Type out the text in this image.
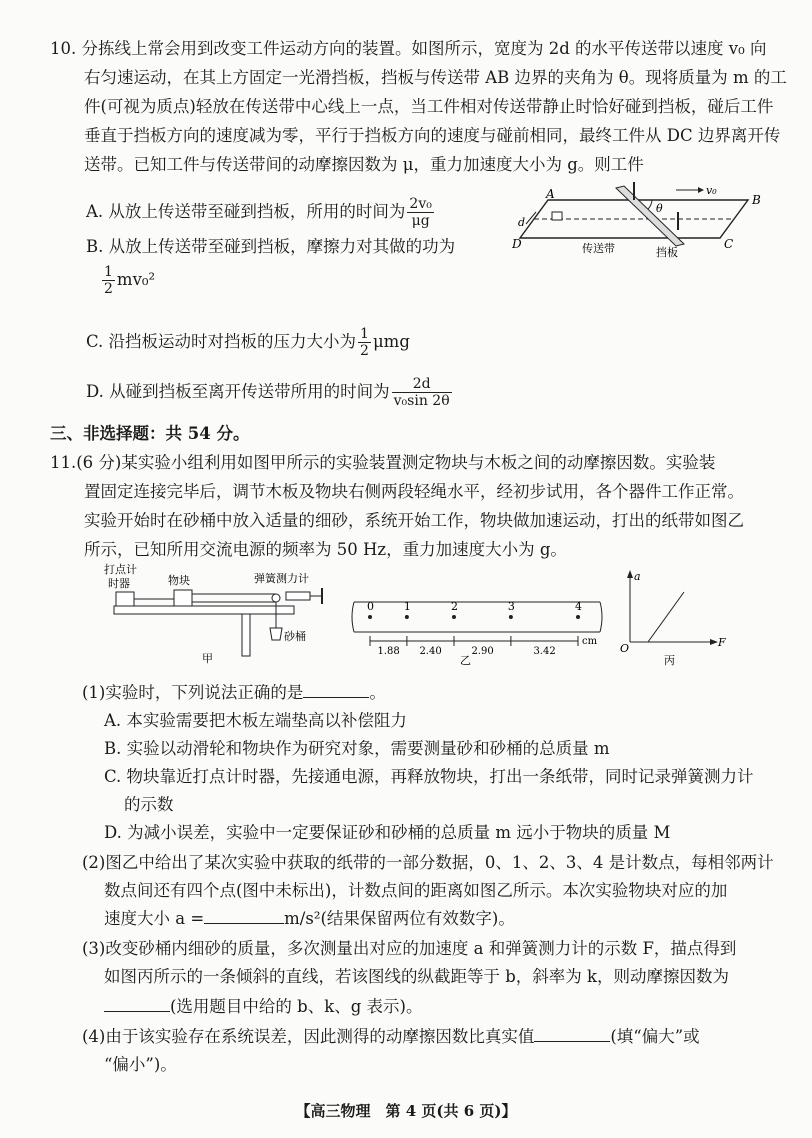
10. 分拣线上常会用到改变工件运动方向的装置。如图所示，宽度为 2d 的水平传送带以速度 v₀ 向
右匀速运动，在其上方固定一光滑挡板，挡板与传送带 AB 边界的夹角为 θ。现将质量为 m 的工
件(可视为质点)轻放在传送带中心线上一点，当工件相对传送带静止时恰好碰到挡板，碰后工件
垂直于挡板方向的速度减为零，平行于挡板方向的速度与碰前相同，最终工件从 DC 边界离开传
送带。已知工件与传送带间的动摩擦因数为 μ，重力加速度大小为 g。则工件
A. 从放上传送带至碰到挡板，所用的时间为 $\frac{\text{2v₀}}{\mu g}$
B. 从放上传送带至碰到挡板，摩擦力对其做的功为
$\frac{1}{2} mv_0^2$
C. 沿挡板运动时对挡板的压力大小为 $\frac{1}{2}$ μmg
D. 从碰到挡板至离开传送带所用的时间为 $\frac{2d}{\text{v₀sin 2θ}}$
A	B
C
D
d
θ
v₀
传送带	挡板
三、非选择题：共 54 分。
11.(6 分)某实验小组利用如图甲所示的实验装置测定物块与木板之间的动摩擦因数。实验装
置固定连接完毕后，调节木板及物块右侧两段轻绳水平，经初步试用，各个器件工作正常。
实验开始时在砂桶中放入适量的细砂，系统开始工作，物块做加速运动，打出的纸带如图乙
所示，已知所用交流电源的频率为 50 Hz，重力加速度大小为 g。
打点计
时器	物块	弹簧测力计
砂桶
甲
0	1	2	3	4
1.88 2.40	2.90	3.42
cm
乙
a
F
O
丙
(1)实验时，下列说法正确的是	。
A. 本实验需要把木板左端垫高以补偿阻力
B. 实验以动滑轮和物块作为研究对象，需要测量砂和砂桶的总质量 m
C. 物块靠近打点计时器，先接通电源，再释放物块，打出一条纸带，同时记录弹簧测力计
的示数
D. 为减小误差，实验中一定要保证砂和砂桶的总质量 m 远小于物块的质量 M
(2)图乙中给出了某次实验中获取的纸带的一部分数据，0、1、2、3、4 是计数点，每相邻两计
数点间还有四个点(图中未标出)，计数点间的距离如图乙所示。本次实验物块对应的加
速度大小 a =	m/s²(结果保留两位有效数字)。
(3)改变砂桶内细砂的质量，多次测量出对应的加速度 a 和弹簧测力计的示数 F，描点得到
如图丙所示的一条倾斜的直线，若该图线的纵截距等于 b，斜率为 k，则动摩擦因数为
(选用题目中给的 b、k、g 表示)。
(4)由于该实验存在系统误差，因此测得的动摩擦因数比真实值	(填“偏大”或
“偏小”)。
【高三物理　第 4 页(共 6 页)】
